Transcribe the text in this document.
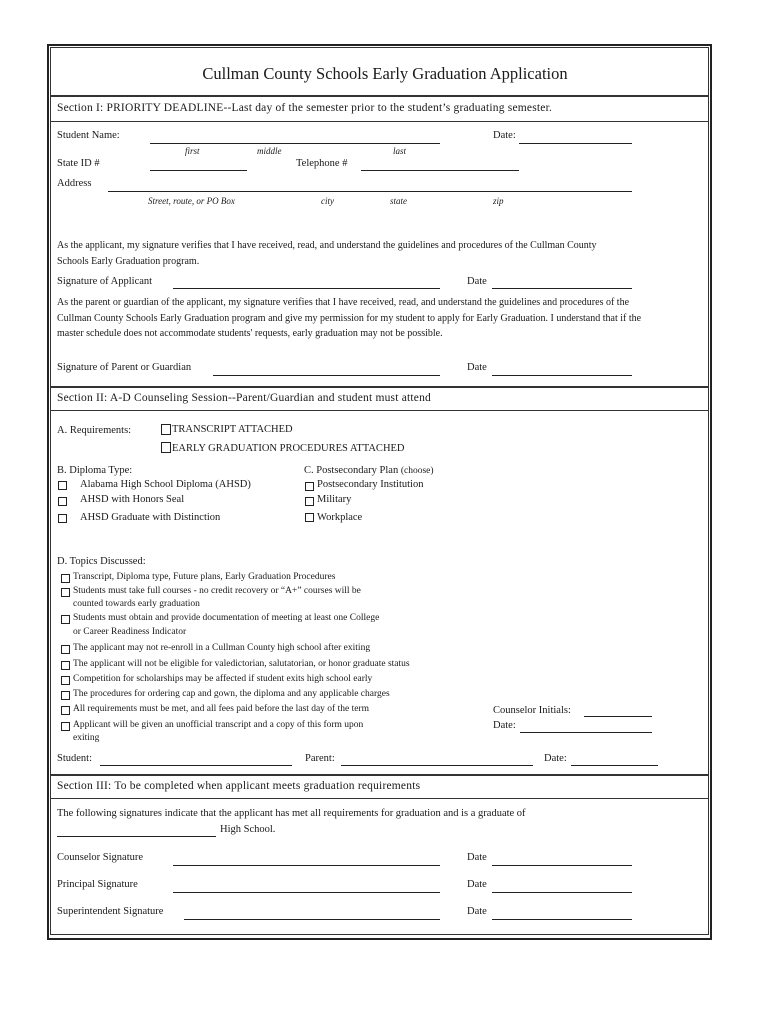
Cullman County Schools Early Graduation Application
Section I: PRIORITY DEADLINE--Last day of the semester prior to the student’s graduating semester.
Student Name:	Date:
first	middle	last
State ID #	Telephone #
Address
Street, route, or PO Box	city	state	zip
As the applicant, my signature verifies that I have received, read, and understand the guidelines and procedures of the Cullman County Schools Early Graduation program.
Signature of Applicant	Date
As the parent or guardian of the applicant, my signature verifies that I have received, read, and understand the guidelines and procedures of the Cullman County Schools Early Graduation program and give my permission for my student to apply for Early Graduation. I understand that if the master schedule does not accommodate students' requests, early graduation may not be possible.
Signature of Parent or Guardian	Date
Section II: A-D Counseling Session--Parent/Guardian and student must attend
A. Requirements:	TRANSCRIPT ATTACHED
EARLY GRADUATION PROCEDURES ATTACHED
B. Diploma Type:
Alabama High School Diploma (AHSD)
AHSD with Honors Seal
AHSD Graduate with Distinction
C. Postsecondary Plan (choose)
Postsecondary Institution
Military
Workplace
D. Topics Discussed:
Transcript, Diploma type, Future plans, Early Graduation Procedures
Students must take full courses - no credit recovery or “A+” courses will be
counted towards early graduation
Students must obtain and provide documentation of meeting at least one College
or Career Readiness Indicator
The applicant may not re-enroll in a Cullman County high school after exiting
The applicant will not be eligible for valedictorian, salutatorian, or honor graduate status
Competition for scholarships may be affected if student exits high school early
The procedures for ordering cap and gown, the diploma and any applicable charges
All requirements must be met, and all fees paid before the last day of the term
Applicant will be given an unofficial transcript and a copy of this form upon
exiting
Counselor Initials:
Date:
Student:	Parent:	Date:
Section III: To be completed when applicant meets graduation requirements
The following signatures indicate that the applicant has met all requirements for graduation and is a graduate of
High School.
Counselor Signature	Date
Principal Signature	Date
Superintendent Signature	Date
